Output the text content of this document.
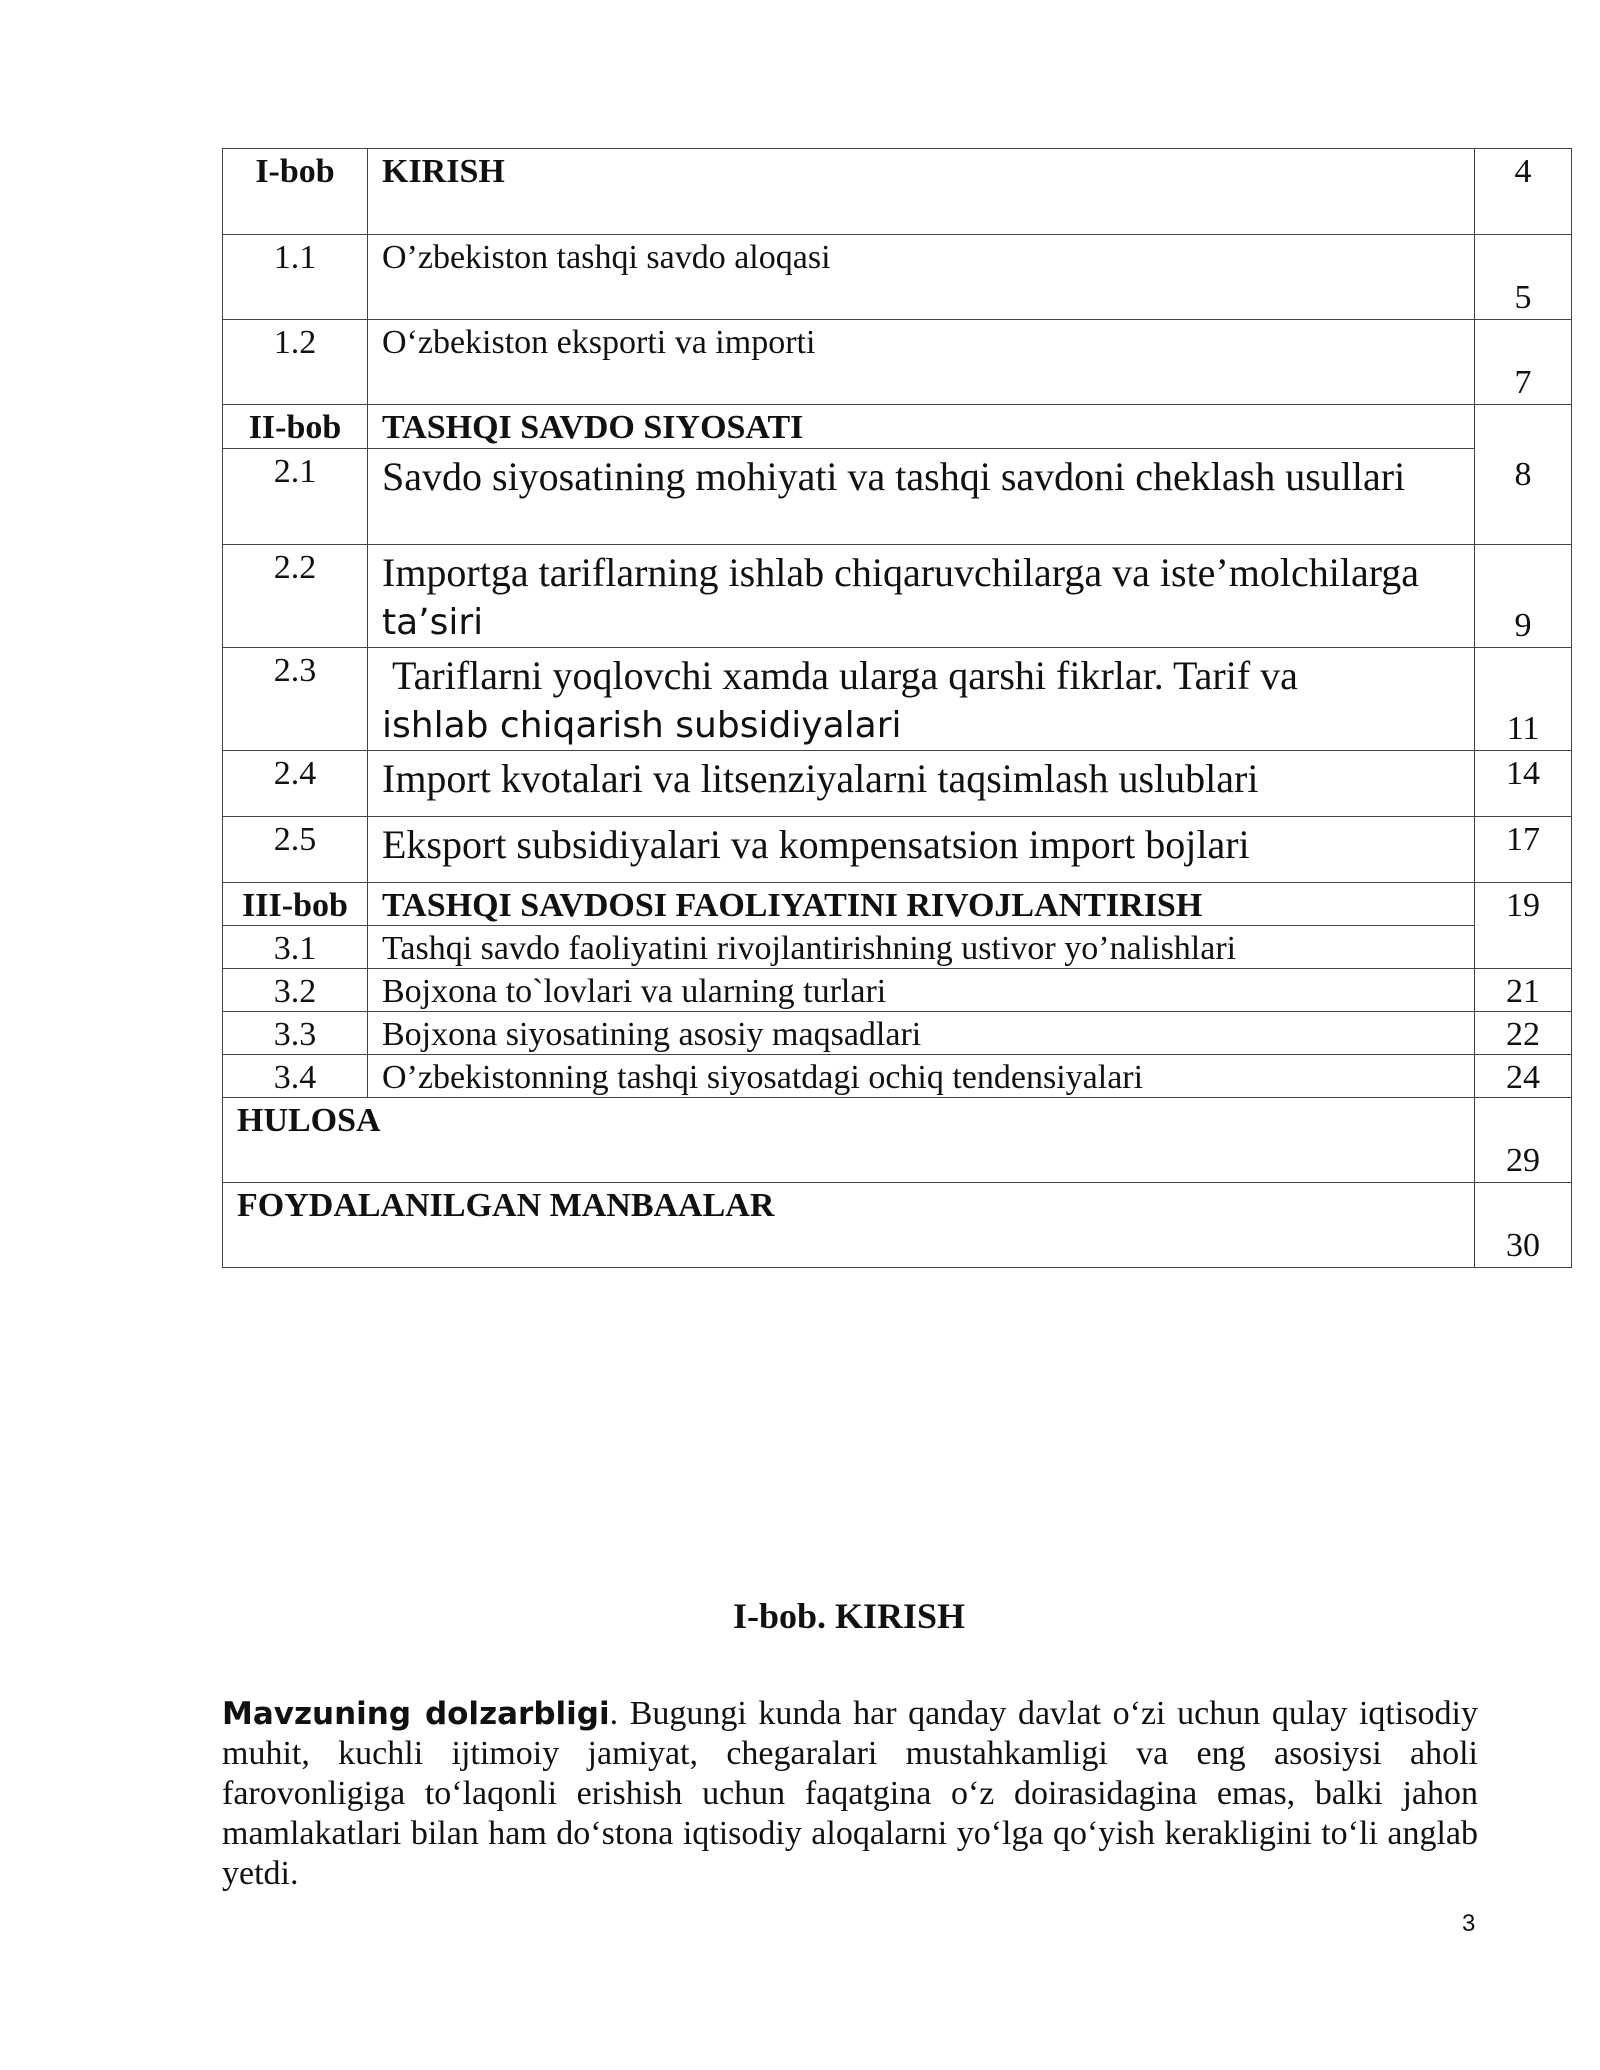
I-bob	KIRISH	4
1.1	O’zbekiston tashqi savdo aloqasi	5
1.2	O‘zbekiston eksporti va importi	7
II-bob	TASHQI SAVDO SIYOSATI	8
2.1	Savdo siyosatining mohiyati va tashqi savdoni cheklash usullari	
2.2	Importga tariflarning ishlab chiqaruvchilarga va iste’molchilarga ta’siri	9
2.3	Tariflarni yoqlovchi xamda ularga qarshi fikrlar. Tarif va
ishlab chiqarish subsidiyalari	11
2.4	Import kvotalari va litsenziyalarni taqsimlash uslublari	14
2.5	Eksport subsidiyalari va kompensatsion import bojlari	17
III-bob	TASHQI SAVDOSI FAOLIYATINI RIVOJLANTIRISH	19
3.1	Tashqi savdo faoliyatini rivojlantirishning ustivor yo’nalishlari	
3.2	Bojxona to`lovlari va ularning turlari	21
3.3	Bojxona siyosatining asosiy maqsadlari	22
3.4	O’zbekistonning tashqi siyosatdagi ochiq tendensiyalari	24
HULOSA		29
FOYDALANILGAN MANBAALAR		30
I-bob. KIRISH

Mavzuning dolzarbligi. Bugungi kunda har qanday davlat o‘zi uchun qulay iqtisodiy muhit, kuchli ijtimoiy jamiyat, chegaralari mustahkamligi va eng asosiysi aholi farovonligiga to‘laqonli erishish uchun faqatgina o‘z doirasidagina emas, balki jahon mamlakatlari bilan ham do‘stona iqtisodiy aloqalarni yo‘lga qo‘yish kerakligini to‘li anglab yetdi.

3
